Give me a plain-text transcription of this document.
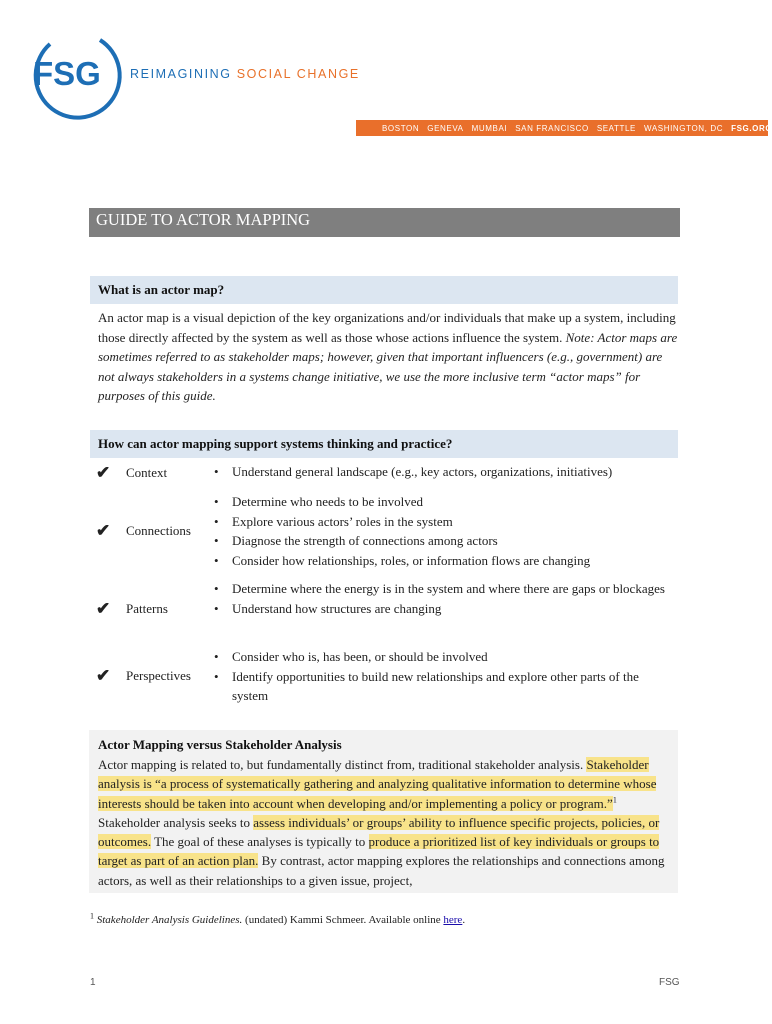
FSG REIMAGINING SOCIAL CHANGE
BOSTON GENEVA MUMBAI SAN FRANCISCO SEATTLE WASHINGTON, DC FSG.ORG
GUIDE TO ACTOR MAPPING
What is an actor map?
An actor map is a visual depiction of the key organizations and/or individuals that make up a system, including those directly affected by the system as well as those whose actions influence the system. Note: Actor maps are sometimes referred to as stakeholder maps; however, given that important influencers (e.g., government) are not always stakeholders in a systems change initiative, we use the more inclusive term “actor maps” for purposes of this guide.
How can actor mapping support systems thinking and practice?
✔ Context
•	Understand general landscape (e.g., key actors, organizations, initiatives)
✔ Connections
• Determine who needs to be involved
• Explore various actors’ roles in the system
• Diagnose the strength of connections among actors
• Consider how relationships, roles, or information flows are changing
✔ Patterns
• Determine where the energy is in the system and where there are gaps or blockages
• Understand how structures are changing
✔ Perspectives
• Consider who is, has been, or should be involved
• Identify opportunities to build new relationships and explore other parts of the system
Actor Mapping versus Stakeholder Analysis
Actor mapping is related to, but fundamentally distinct from, traditional stakeholder analysis. Stakeholder analysis is “a process of systematically gathering and analyzing qualitative information to determine whose interests should be taken into account when developing and/or implementing a policy or program.”$^1$ Stakeholder analysis seeks to assess individuals’ or groups’ ability to influence specific projects, policies, or outcomes. The goal of these analyses is typically to produce a prioritized list of key individuals or groups to target as part of an action plan. By contrast, actor mapping explores the relationships and connections among actors, as well as their relationships to a given issue, project,
$^1$ Stakeholder Analysis Guidelines. (undated) Kammi Schmeer. Available online here.
1	FSG
